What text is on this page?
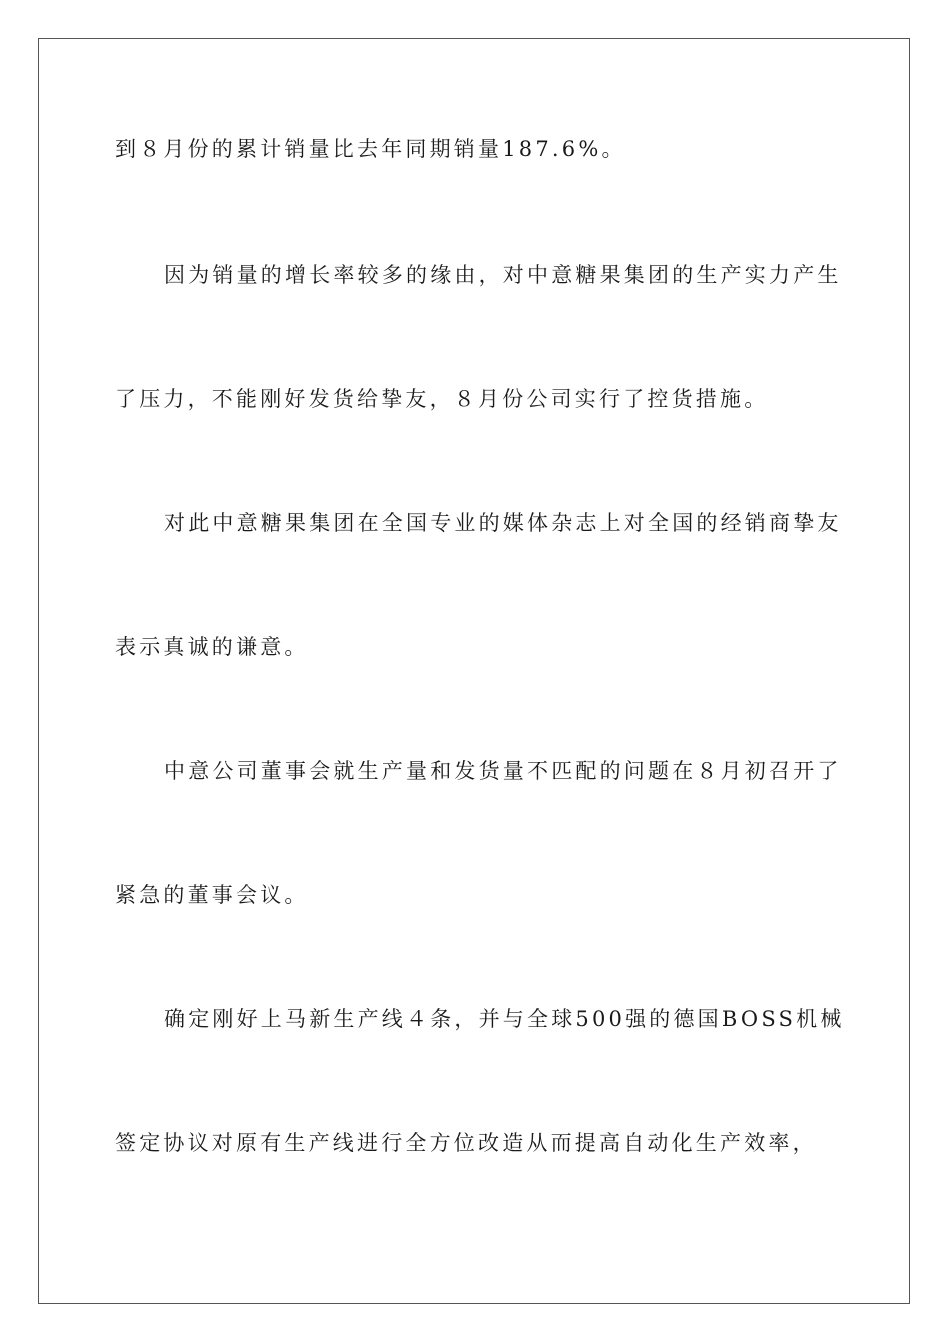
到８月份的累计销量比去年同期销量187.6%。
因为销量的增长率较多的缘由，对中意糖果集团的生产实力产生
了压力，不能刚好发货给挚友，８月份公司实行了控货措施。
对此中意糖果集团在全国专业的媒体杂志上对全国的经销商挚友
表示真诚的谦意。
中意公司董事会就生产量和发货量不匹配的问题在８月初召开了
紧急的董事会议。
确定刚好上马新生产线４条，并与全球500强的德国BOSS机械
签定协议对原有生产线进行全方位改造从而提高自动化生产效率，
